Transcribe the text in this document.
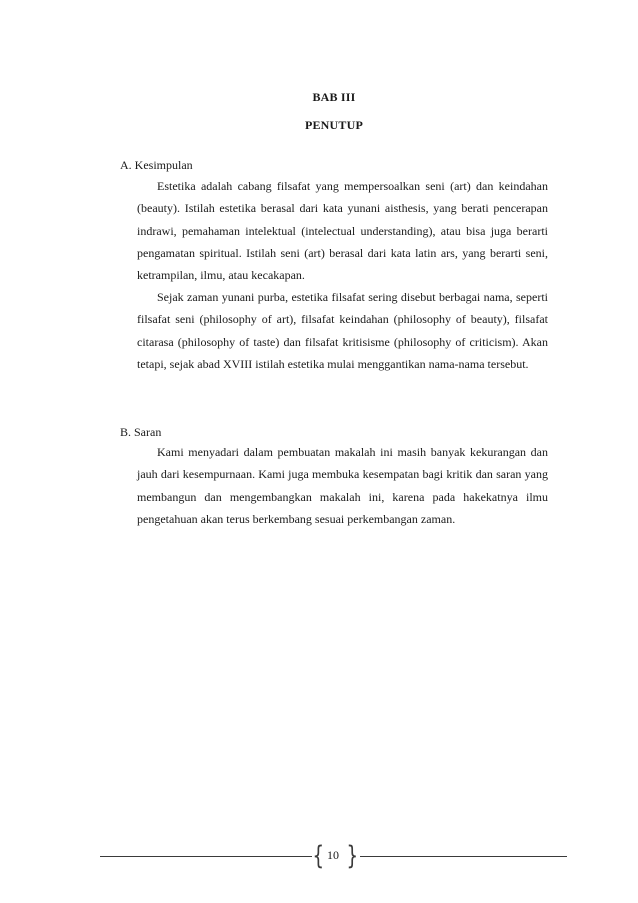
BAB III
PENUTUP
A. Kesimpulan

Estetika adalah cabang filsafat yang mempersoalkan seni (art) dan keindahan (beauty). Istilah estetika berasal dari kata yunani aisthesis, yang berati pencerapan indrawi, pemahaman intelektual (intelectual understanding), atau bisa juga berarti pengamatan spiritual. Istilah seni (art) berasal dari kata latin ars, yang berarti seni, ketrampilan, ilmu, atau kecakapan.

Sejak zaman yunani purba, estetika filsafat sering disebut berbagai nama, seperti filsafat seni (philosophy of art), filsafat keindahan (philosophy of beauty), filsafat citarasa (philosophy of taste) dan filsafat kritisisme (philosophy of criticism). Akan tetapi, sejak abad XVIII istilah estetika mulai menggantikan nama-nama tersebut.

B. Saran

Kami menyadari dalam pembuatan makalah ini masih banyak kekurangan dan jauh dari kesempurnaan. Kami juga membuka kesempatan bagi kritik dan saran yang membangun dan mengembangkan makalah ini, karena pada hakekatnya ilmu pengetahuan akan terus berkembang sesuai perkembangan zaman.

{ }
10
